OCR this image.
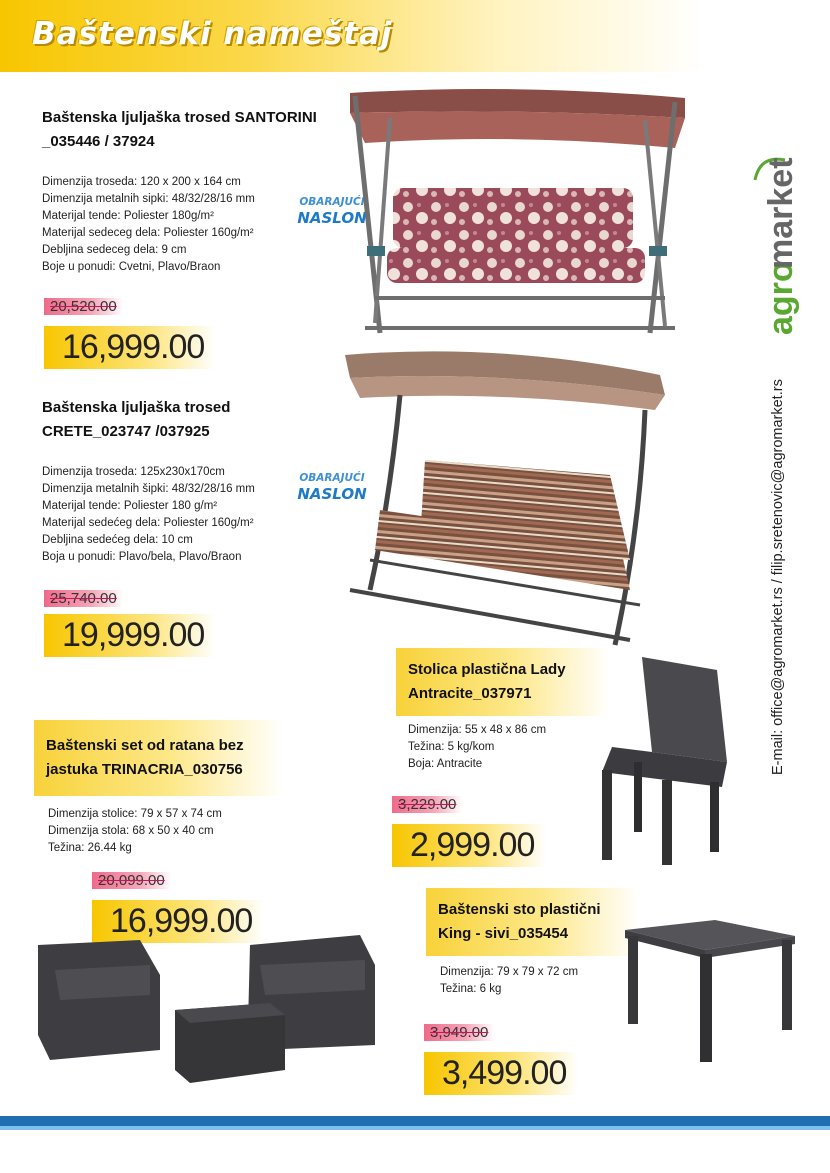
Baštenski nameštaj
Baštenska ljuljaška trosed SANTORINI
_035446 / 37924
Dimenzija troseda: 120 x 200 x 164 cm
Dimenzija metalnih sipki: 48/32/28/16 mm
Materijal tende: Poliester 180g/m²
Materijal sedeceg dela: Poliester 160g/m²
Debljina sedeceg dela: 9 cm
Boje u ponudi: Cvetni, Plavo/Braon
20,520.00
16,999.00
OBARAJUĆI
NASLON
Baštenska ljuljaška trosed
CRETE_023747 /037925
Dimenzija troseda: 125x230x170cm
Dimenzija metalnih šipki: 48/32/28/16 mm
Materijal tende: Poliester 180 g/m²
Materijal sedećeg dela: Poliester 160g/m²
Debljina sedećeg dela: 10 cm
Boja u ponudi: Plavo/bela, Plavo/Braon
25,740.00
19,999.00
OBARAJUĆI
NASLON
agro
market
E-mail: office@agromarket.rs / filip.sretenovic@agromarket.rs
Stolica plastična Lady
Antracite_037971
Dimenzija: 55 x 48 x 86 cm
Težina: 5 kg/kom
Boja: Antracite
3,229.00
2,999.00
Baštenski set od ratana bez
jastuka TRINACRIA_030756
Dimenzija stolice: 79 x 57 x 74 cm
Dimenzija stola: 68 x 50 x 40 cm
Težina: 26.44 kg
20,099.00
16,999.00	Baštenski sto plastični
King - sivi_035454
Dimenzija: 79 x 79 x 72 cm
Težina: 6 kg
3,949.00
3,499.00
